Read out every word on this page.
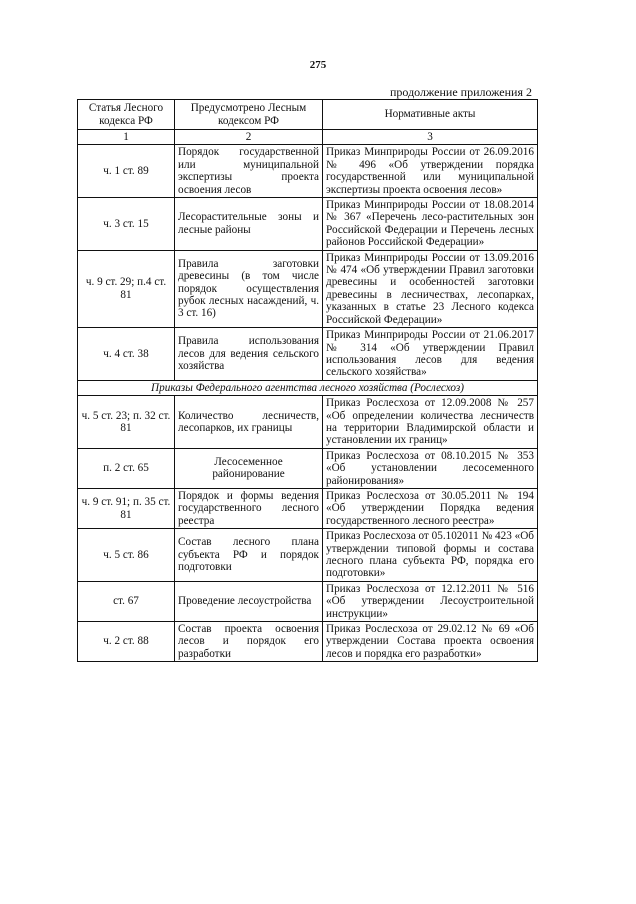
275
продолжение приложения 2
Статья Лесного кодекса РФ	Предусмотрено Лесным кодексом РФ	Нормативные акты
1	2	3
ч. 1 ст. 89	Порядок государственной или муниципальной экспертизы проекта освоения лесов	Приказ Минприроды России от 26.09.2016 № 496 «Об утверждении порядка государственной или муниципальной экспертизы проекта освоения лесов»
ч. 3 ст. 15	Лесорастительные зоны и лесные районы	Приказ Минприроды России от 18.08.2014 № 367 «Перечень лесо-растительных зон Российской Федерации и Перечень лесных районов Российской Федерации»
ч. 9 ст. 29; п.4 ст. 81	Правила заготовки древесины (в том числе порядок осуществления рубок лесных насаждений, ч. 3 ст. 16)	Приказ Минприроды России от 13.09.2016 № 474 «Об утверждении Правил заготовки древесины и особенностей заготовки древесины в лесничествах, лесопарках, указанных в статье 23 Лесного кодекса Российской Федерации»
ч. 4 ст. 38	Правила использования лесов для ведения сельского хозяйства	Приказ Минприроды России от 21.06.2017 № 314 «Об утверждении Правил использования лесов для ведения сельского хозяйства»
Приказы Федерального агентства лесного хозяйства (Рослесхоз)		
ч. 5 ст. 23; п. 32 ст. 81	Количество лесничеств, лесопарков, их границы	Приказ Рослесхоза от 12.09.2008 № 257 «Об определении количества лесничеств на территории Владимирской области и установлении их границ»
п. 2 ст. 65	Лесосеменное районирование	Приказ Рослесхоза от 08.10.2015 № 353 «Об установлении лесосеменного районирования»
ч. 9 ст. 91; п. 35 ст. 81	Порядок и формы ведения государственного лесного реестра	Приказ Рослесхоза от 30.05.2011 № 194 «Об утверждении Порядка ведения государственного лесного реестра»
ч. 5 ст. 86	Состав лесного плана субъекта РФ и порядок подготовки	Приказ Рослесхоза от 05.102011 № 423 «Об утверждении типовой формы и состава лесного плана субъекта РФ, порядка его подготовки»
ст. 67	Проведение лесоустройства	Приказ Рослесхоза от 12.12.2011 № 516 «Об утверждении Лесоустроительной инструкции»
ч. 2 ст. 88	Состав проекта освоения лесов и порядок его разработки	Приказ Рослесхоза от 29.02.12 № 69 «Об утверждении Состава проекта освоения лесов и порядка его разработки»
